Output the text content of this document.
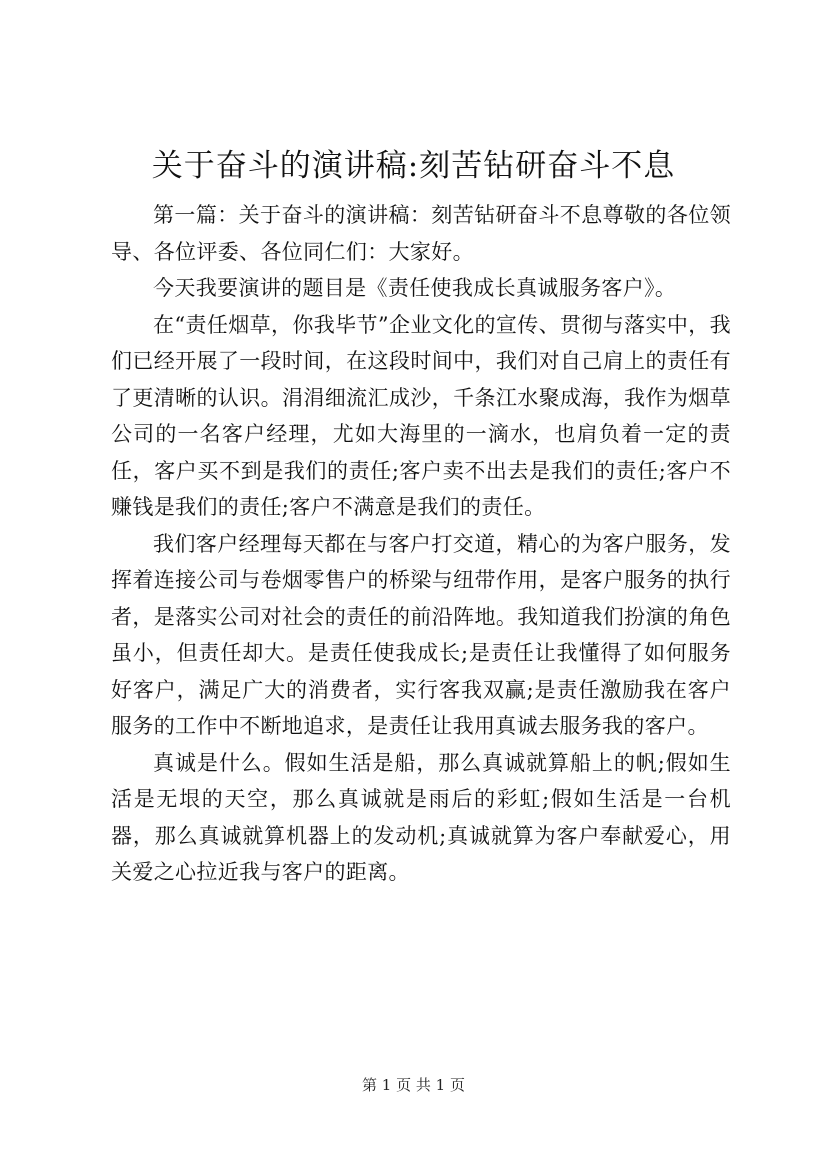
关于奋斗的演讲稿:刻苦钻研奋斗不息

第一篇：关于奋斗的演讲稿：刻苦钻研奋斗不息尊敬的各位领导、各位评委、各位同仁们：大家好。

今天我要演讲的题目是《责任使我成长真诚服务客户》。

在“责任烟草，你我毕节”企业文化的宣传、贯彻与落实中，我们已经开展了一段时间，在这段时间中，我们对自己肩上的责任有了更清晰的认识。涓涓细流汇成沙，千条江水聚成海，我作为烟草公司的一名客户经理，尤如大海里的一滴水，也肩负着一定的责任，客户买不到是我们的责任;客户卖不出去是我们的责任;客户不赚钱是我们的责任;客户不满意是我们的责任。

我们客户经理每天都在与客户打交道，精心的为客户服务，发挥着连接公司与卷烟零售户的桥梁与纽带作用，是客户服务的执行者，是落实公司对社会的责任的前沿阵地。我知道我们扮演的角色虽小，但责任却大。是责任使我成长;是责任让我懂得了如何服务好客户，满足广大的消费者，实行客我双赢;是责任激励我在客户服务的工作中不断地追求，是责任让我用真诚去服务我的客户。

真诚是什么。假如生活是船，那么真诚就算船上的帆;假如生活是无垠的天空，那么真诚就是雨后的彩虹;假如生活是一台机器，那么真诚就算机器上的发动机;真诚就算为客户奉献爱心，用关爱之心拉近我与客户的距离。

第 1 页 共 1 页
